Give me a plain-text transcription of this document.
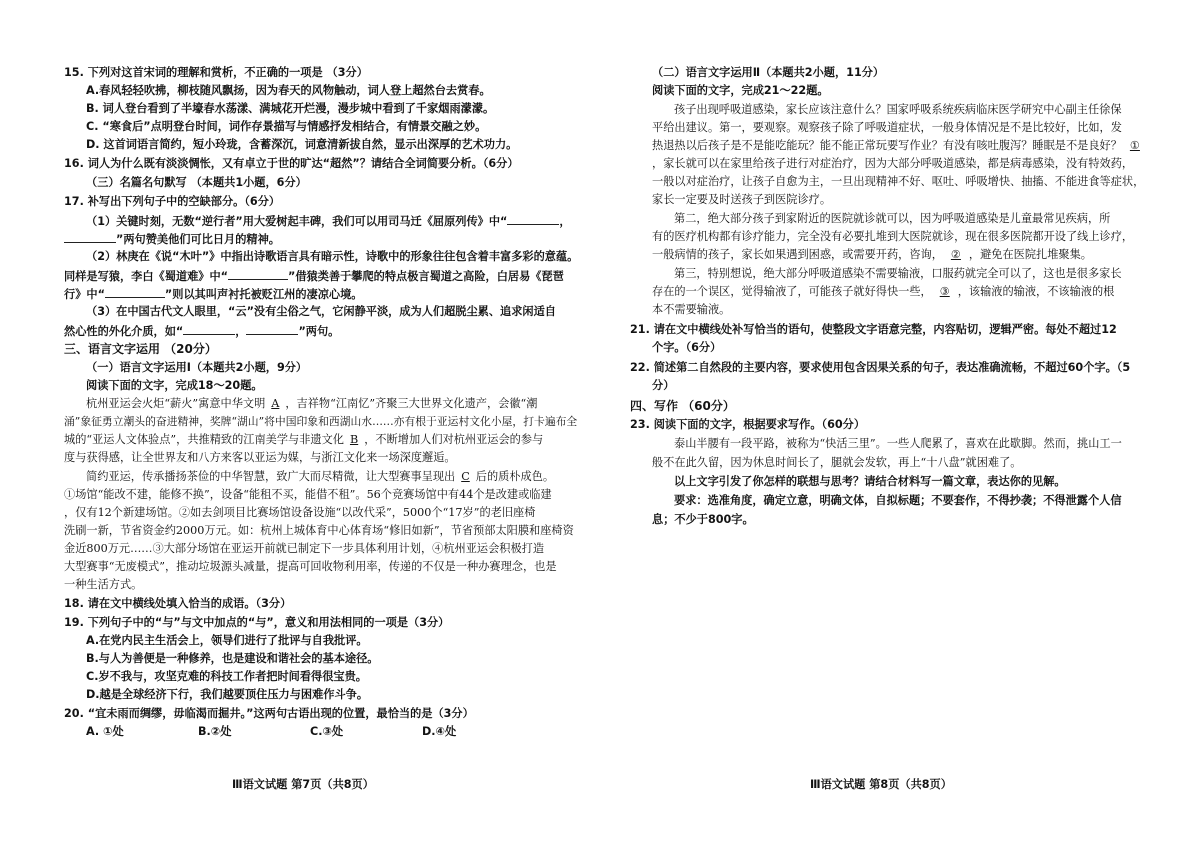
15. 下列对这首宋词的理解和赏析，不正确的一项是 （3分）
A.春风轻轻吹拂，柳枝随风飘扬，因为春天的风物触动，词人登上超然台去赏春。
B. 词人登台看到了半壕春水荡漾、满城花开烂漫，漫步城中看到了千家烟雨濛濛。
C. “寒食后”点明登台时间，词作存景描写与情感抒发相结合，有情景交融之妙。
D. 这首词语言简约，短小玲珑，含蓄深沉，词意清新拔自然，显示出深厚的艺术功力。
16. 词人为什么既有淡淡惆怅，又有卓立于世的旷达“超然”？请结合全词简要分析。（6分）
（三）名篇名句默写 （本题共1小题，6分）
17. 补写出下列句子中的空缺部分。（6分）
（1）关键时刻，无数“逆行者”用大爱树起丰碑，我们可以用司马迁《屈原列传》中“	，
”两句赞美他们可比日月的精神。
（2）林庚在《说“木叶”》中指出诗歌语言具有暗示性，诗歌中的形象往往包含着丰富多彩的意蕴。
同样是写猿，李白《蜀道难》中“	”借猿类善于攀爬的特点极言蜀道之高险，白居易《琵琶
行》中“	”则以其叫声衬托被贬江州的凄凉心境。
（3）在中国古代文人眼里，“云”没有尘俗之气，它闲静平淡，成为人们超脱尘累、追求闲适自
然心性的外化介质，如“	，	”两句。
三、语言文字运用 （20分）
（一）语言文字运用Ⅰ（本题共2小题，9分）
阅读下面的文字，完成18～20题。
杭州亚运会火炬“薪火”寓意中华文明 A ，吉祥物“江南忆”齐聚三大世界文化遗产，会徽“潮
涌”象征勇立潮头的奋进精神，奖牌“湖山”将中国印象和西湖山水……亦有根于亚运村文化小屋，打卡遍布全
城的“亚运人文体验点”，共推精致的江南美学与非遗文化 B ，不断增加人们对杭州亚运会的参与
度与获得感，让全世界友和八方来客以亚运为媒，与浙江文化来一场深度邂逅。
简约亚运，传承播扬茶俭的中华智慧，致广大而尽精微，让大型赛事呈现出 C 后的质朴成色。
①场馆“能改不建，能修不换”，设备“能租不买，能借不租”。56个竞赛场馆中有44个是改建或临建
，仅有12个新建场馆。②如去剑项目比赛场馆设备设施“以改代采”，5000个“17岁”的老旧座椅
洗刷一新，节省资金约2000万元。如：杭州上城体育中心体育场“修旧如新”，节省预部太阳膜和座椅资
金近800万元……③大部分场馆在亚运开前就已制定下一步具体利用计划，④杭州亚运会积极打造
大型赛事“无废模式”，推动垃圾源头减量，提高可回收物利用率，传递的不仅是一种办赛理念，也是
一种生活方式。
18. 请在文中横线处填入恰当的成语。（3分）
19. 下列句子中的“与”与文中加点的“与”，意义和用法相同的一项是（3分）
A.在党内民主生活会上，领导们进行了批评与自我批评。
B.与人为善便是一种修养，也是建设和谐社会的基本途径。
C.岁不我与，攻坚克难的科技工作者把时间看得很宝贵。
D.越是全球经济下行，我们越要顶住压力与困难作斗争。
20. “宜未雨而绸缪，毋临渴而掘井。”这两句古语出现的位置，最恰当的是（3分）
A. ①处	B.②处	C.③处	D.④处
Ⅲ语文试题 第7页（共8页）
（二）语言文字运用Ⅱ（本题共2小题，11分）
阅读下面的文字，完成21～22题。
孩子出现呼吸道感染，家长应该注意什么？国家呼吸系统疾病临床医学研究中心副主任徐保
平给出建议。第一，要观察。观察孩子除了呼吸道症状，一般身体情况是不是比较好，比如，发
热退热以后孩子是不是能吃能玩？能不能正常玩要写作业？有没有咳吐腹泻？睡眠是不是良好？ ①
，家长就可以在家里给孩子进行对症治疗，因为大部分呼吸道感染，都是病毒感染，没有特效药，
一般以对症治疗，让孩子自愈为主，一旦出现精神不好、呕吐、呼吸增快、抽搐、不能进食等症状，
家长一定要及时送孩子到医院诊疗。
第二，绝大部分孩子到家附近的医院就诊就可以，因为呼吸道感染是儿童最常见疾病，所
有的医疗机构都有诊疗能力，完全没有必要扎堆到大医院就诊，现在很多医院都开设了线上诊疗，
一般病情的孩子，家长如果遇到困惑，或需要开药，咨询， ② ，避免在医院扎堆聚集。
第三，特别想说，绝大部分呼吸道感染不需要输液，口服药就完全可以了，这也是很多家长
存在的一个误区，觉得输液了，可能孩子就好得快一些， ③ ，该输液的输液，不该输液的根
本不需要输液。
21. 请在文中横线处补写恰当的语句，使整段文字语意完整，内容贴切，逻辑严密。每处不超过12
个字。（6分）
22. 简述第二自然段的主要内容，要求使用包含因果关系的句子，表达准确流畅，不超过60个字。（5
分）
四、写作 （60分）
23. 阅读下面的文字，根据要求写作。（60分）
泰山半腰有一段平路，被称为“快活三里”。一些人爬累了，喜欢在此歇脚。然而，挑山工一
般不在此久留，因为休息时间长了，腿就会发软，再上“十八盘”就困难了。
以上文字引发了你怎样的联想与思考？请结合材料写一篇文章，表达你的见解。
要求：选准角度，确定立意，明确文体，自拟标题；不要套作，不得抄袭；不得泄露个人信
息；不少于800字。
Ⅲ语文试题 第8页（共8页）
